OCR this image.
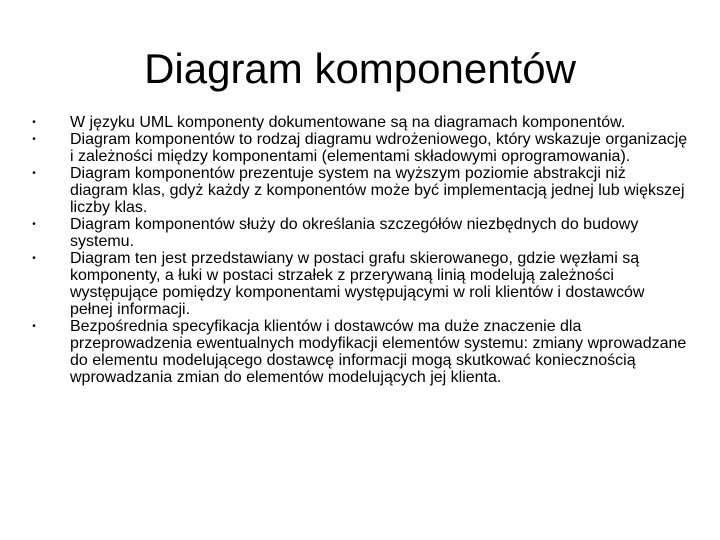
Diagram komponentów
• W języku UML komponenty dokumentowane są na diagramach komponentów.
• Diagram komponentów to rodzaj diagramu wdrożeniowego, który wskazuje organizację i zależności między komponentami (elementami składowymi oprogramowania).
• Diagram komponentów prezentuje system na wyższym poziomie abstrakcji niż diagram klas, gdyż każdy z komponentów może być implementacją jednej lub większej liczby klas.
• Diagram komponentów służy do określania szczegółów niezbędnych do budowy systemu.
• Diagram ten jest przedstawiany w postaci grafu skierowanego, gdzie węzłami są komponenty, a łuki w postaci strzałek z przerywaną linią modelują zależności występujące pomiędzy komponentami występującymi w roli klientów i dostawców pełnej informacji.
• Bezpośrednia specyfikacja klientów i dostawców ma duże znaczenie dla przeprowadzenia ewentualnych modyfikacji elementów systemu: zmiany wprowadzane do elementu modelującego dostawcę informacji mogą skutkować koniecznością wprowadzania zmian do elementów modelujących jej klienta.
